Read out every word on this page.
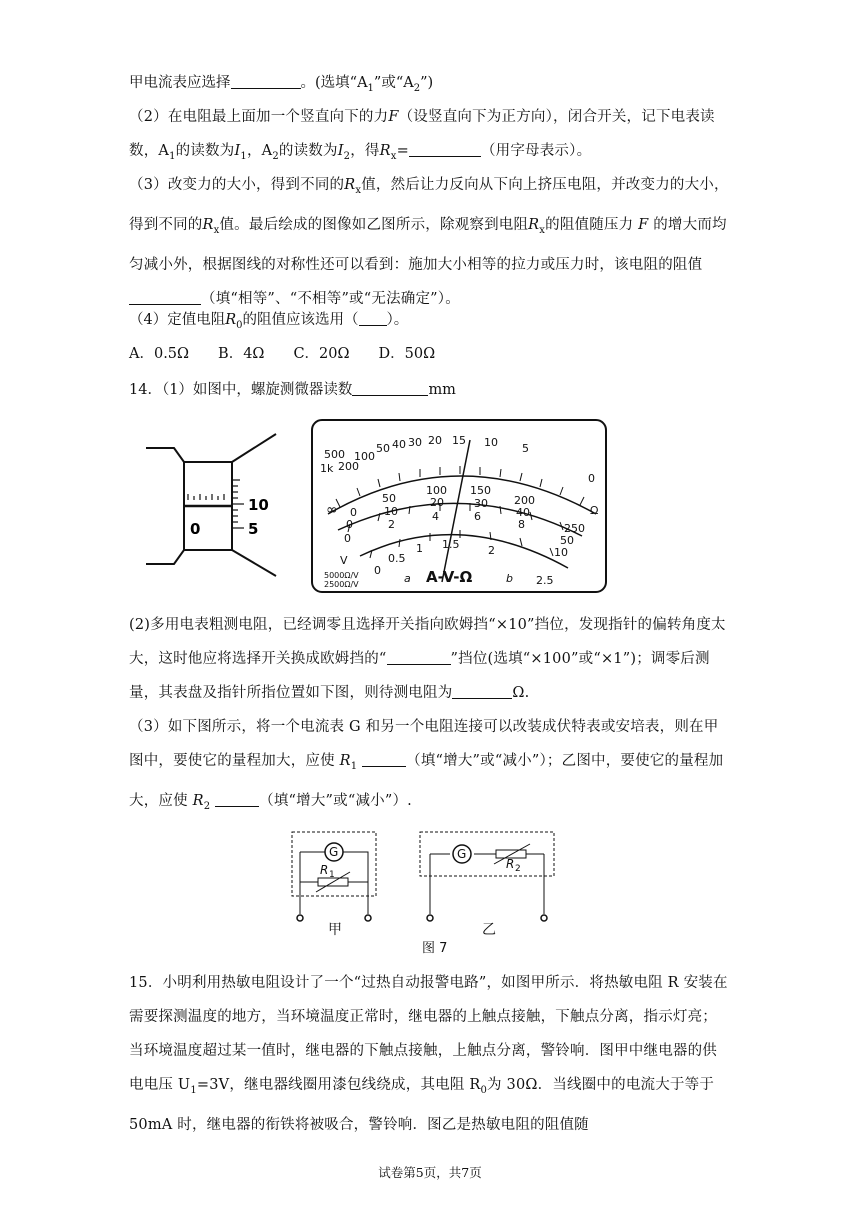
甲电流表应选择	。(选填“$A_1$”或“$A_2$”)
（2）在电阻最上面加一个竖直向下的力F（设竖直向下为正方向），闭合开关，记下电表读数，$A_1$的读数为$I_1$，$A_2$的读数为$I_2$，得$R_x=$	（用字母表示）。
（3）改变力的大小，得到不同的$R_x$值，然后让力反向从下向上挤压电阻，并改变力的大小，得到不同的$R_x$值。最后绘成的图像如乙图所示，除观察到电阻$R_x$的阻值随压力 F 的增大而均匀减小外，根据图线的对称性还可以看到：施加大小相等的拉力或压力时，该电阻的阻值（填“相等”、“不相等”或“无法确定”）。
（4）定值电阻$R_0$的阻值应该选用（ ）。
A．0.5Ω　　B．4Ω　　C．20Ω　　D．50Ω
14．（1）如图中，螺旋测微器读数	mm
10
5
0
500
1k 200
100
50 40 30 20 15 10 5
0
Ω
∞ 0
50
100 150
200
250
0
10
20	30
40
50
0
2
4	6
8
10
0
0.5
1 1.5	2
2.5
V
5000Ω/V
2500Ω/V	a	b
A-V-Ω
(2)多用电表粗测电阻，已经调零且选择开关指向欧姆挡“×10”挡位，发现指针的偏转角度太大，这时他应将选择开关换成欧姆挡的“	”挡位(选填“×100”或“×1”)；调零后测量，其表盘及指针所指位置如下图，则待测电阻为	Ω.
（3）如下图所示，将一个电流表 G 和另一个电阻连接可以改装成伏特表或安培表，则在甲图中，要使它的量程加大，应使 $R_1$	（填“增大”或“减小”）；乙图中，要使它的量程加大，应使 $R_2$	（填“增大”或“减小”）.
G	G
R 1
R 2
甲	乙
图 7
15．小明利用热敏电阻设计了一个“过热自动报警电路”，如图甲所示．将热敏电阻 R 安装在需要探测温度的地方，当环境温度正常时，继电器的上触点接触，下触点分离，指示灯亮；当环境温度超过某一值时，继电器的下触点接触，上触点分离，警铃响．图甲中继电器的供电电压 $U_1=3V$，继电器线圈用漆包线绕成，其电阻 $R_0$为 30Ω．当线圈中的电流大于等于 50mA 时，继电器的衔铁将被吸合，警铃响．图乙是热敏电阻的阻值随
试卷第5页，共7页
